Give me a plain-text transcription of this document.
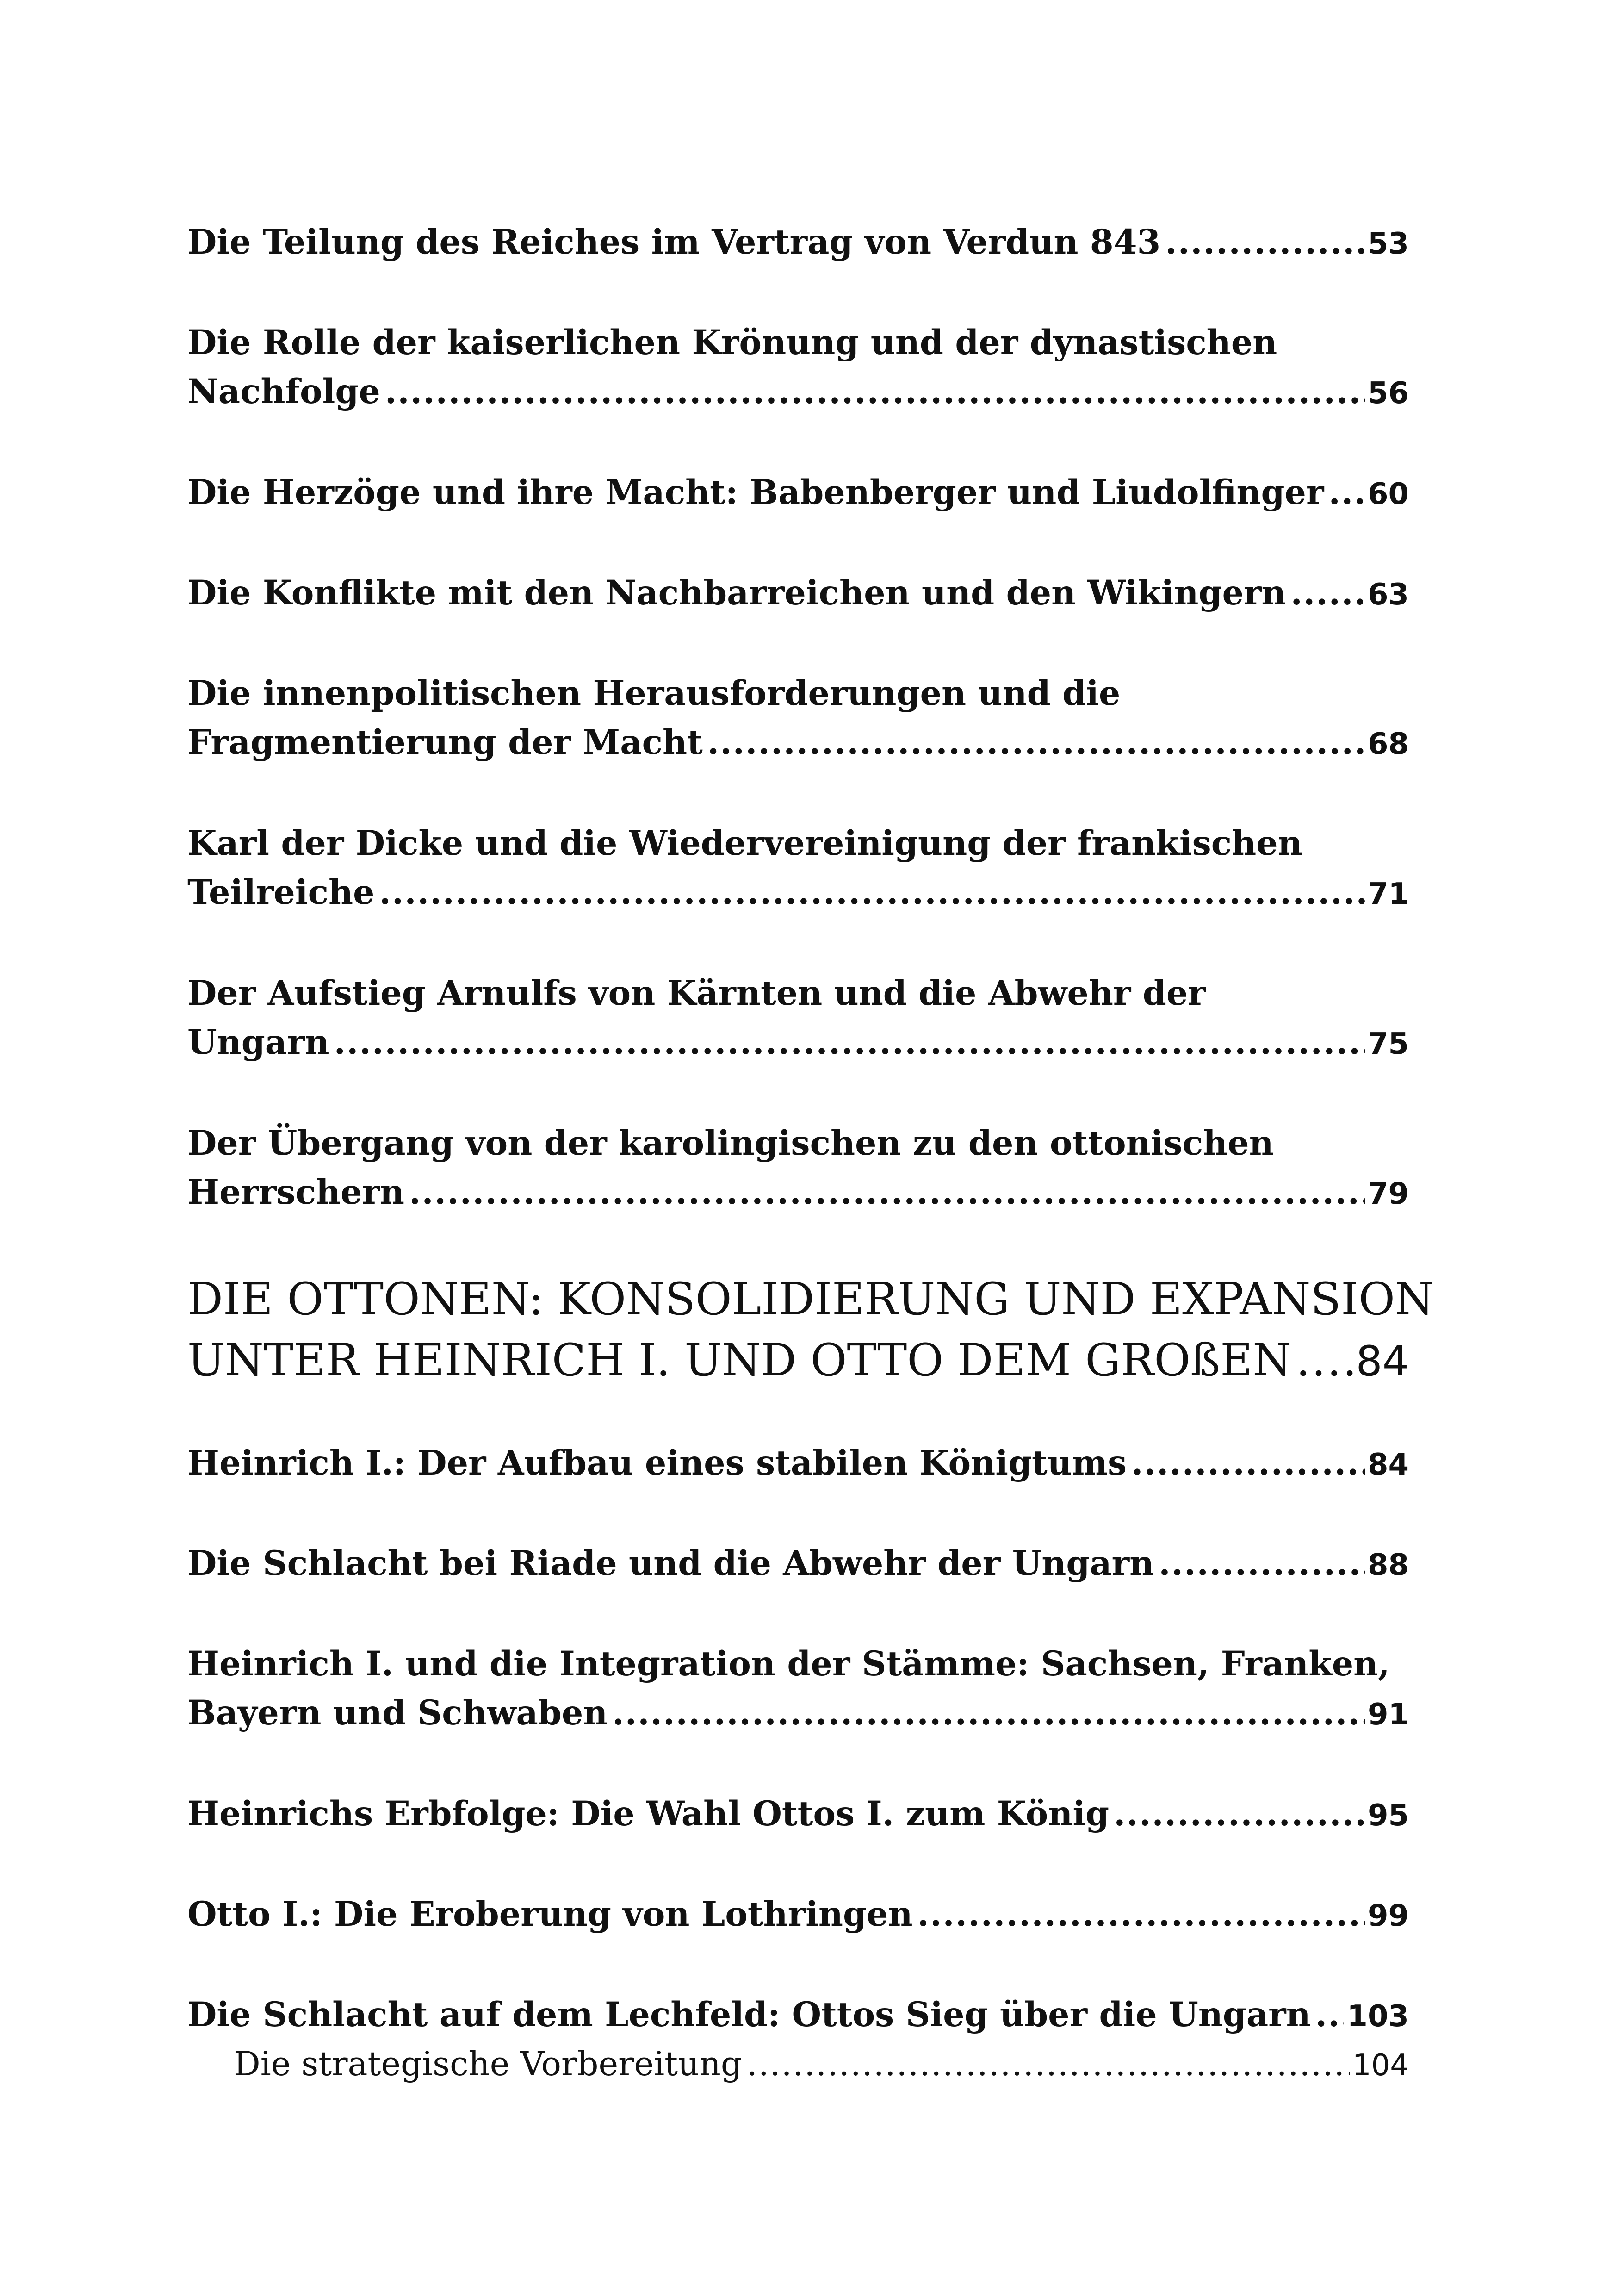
Die Teilung des Reiches im Vertrag von Verdun 843 .....	53
Die Rolle der kaiserlichen Krönung und der dynastischen
Nachfolge .....	56
Die Herzöge und ihre Macht: Babenberger und Liudolfinger ..... 60
Die Konflikte mit den Nachbarreichen und den Wikingern .....	63
Die innenpolitischen Herausforderungen und die
Fragmentierung der Macht .....	68
Karl der Dicke und die Wiedervereinigung der frankischen
Teilreiche .....	71
Der Aufstieg Arnulfs von Kärnten und die Abwehr der
Ungarn .....	75
Der Übergang von der karolingischen zu den ottonischen
Herrschern .....	79
DIE OTTONEN: KONSOLIDIERUNG UND EXPANSION
UNTER HEINRICH I. UND OTTO DEM GROßEN ..... 84
Heinrich I.: Der Aufbau eines stabilen Königtums .....	84
Die Schlacht bei Riade und die Abwehr der Ungarn .....	88
Heinrich I. und die Integration der Stämme: Sachsen, Franken,
Bayern und Schwaben .....	91
Heinrichs Erbfolge: Die Wahl Ottos I. zum König .....	95
Otto I.: Die Eroberung von Lothringen .....	99
Die Schlacht auf dem Lechfeld: Ottos Sieg über die Ungarn ..... 103
Die strategische Vorbereitung .....	104
